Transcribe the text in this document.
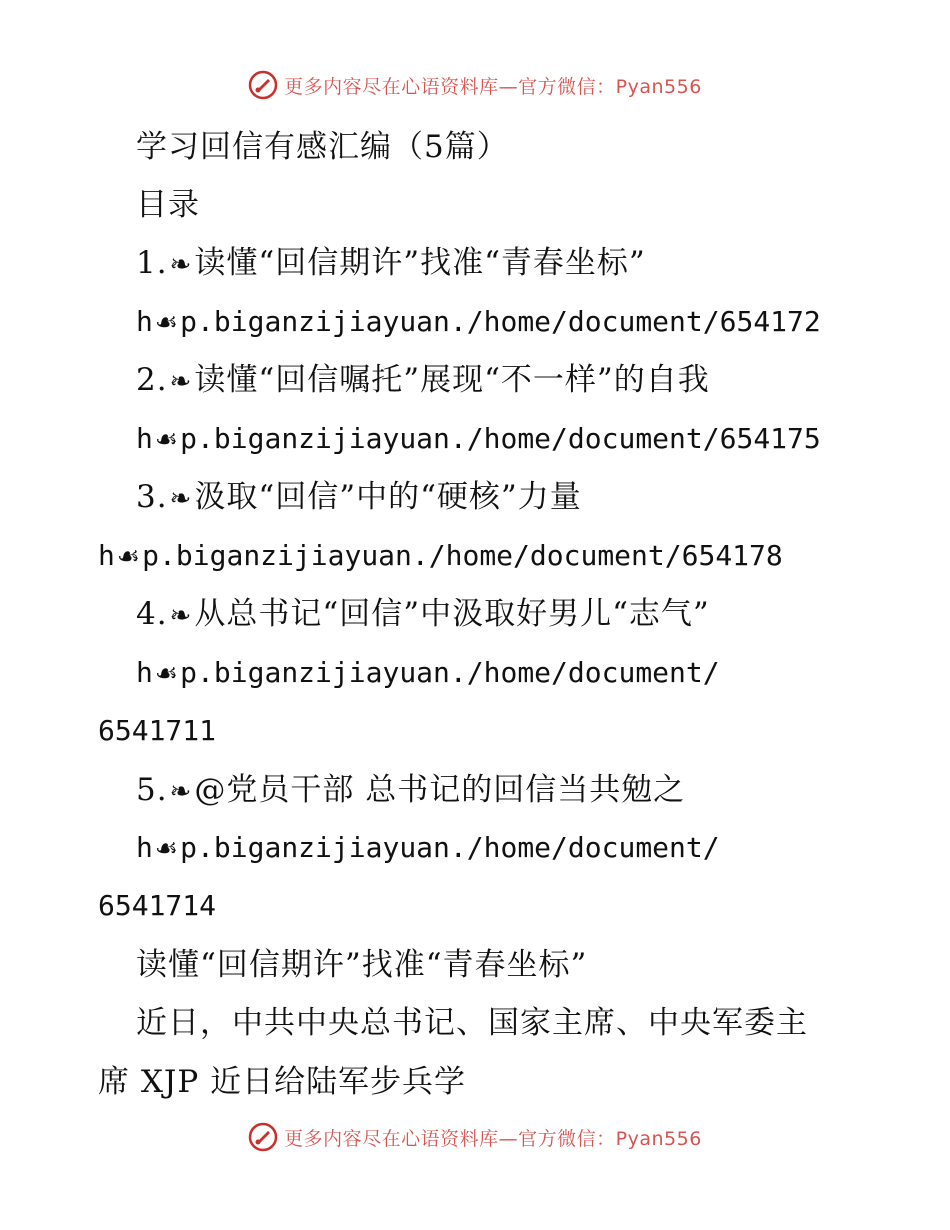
更多内容尽在心语资料库—官方微信：Pyan556
学习回信有感汇编（5篇）
目录
1.❧读懂“回信期许”找准“青春坐标”
h☙p.biganzijiayuan./home/document/654172
2.❧读懂“回信嘱托”展现“不一样”的自我
h☙p.biganzijiayuan./home/document/654175
3.❧汲取“回信”中的“硬核”力量
h☙p.biganzijiayuan./home/document/654178
4.❧从总书记“回信”中汲取好男儿“志气”
h☙p.biganzijiayuan./home/document/
6541711
5.❧@党员干部 总书记的回信当共勉之
h☙p.biganzijiayuan./home/document/
6541714
读懂“回信期许”找准“青春坐标”
近日，中共中央总书记、国家主席、中央军委主
席 XJP 近日给陆军步兵学
更多内容尽在心语资料库—官方微信：Pyan556
